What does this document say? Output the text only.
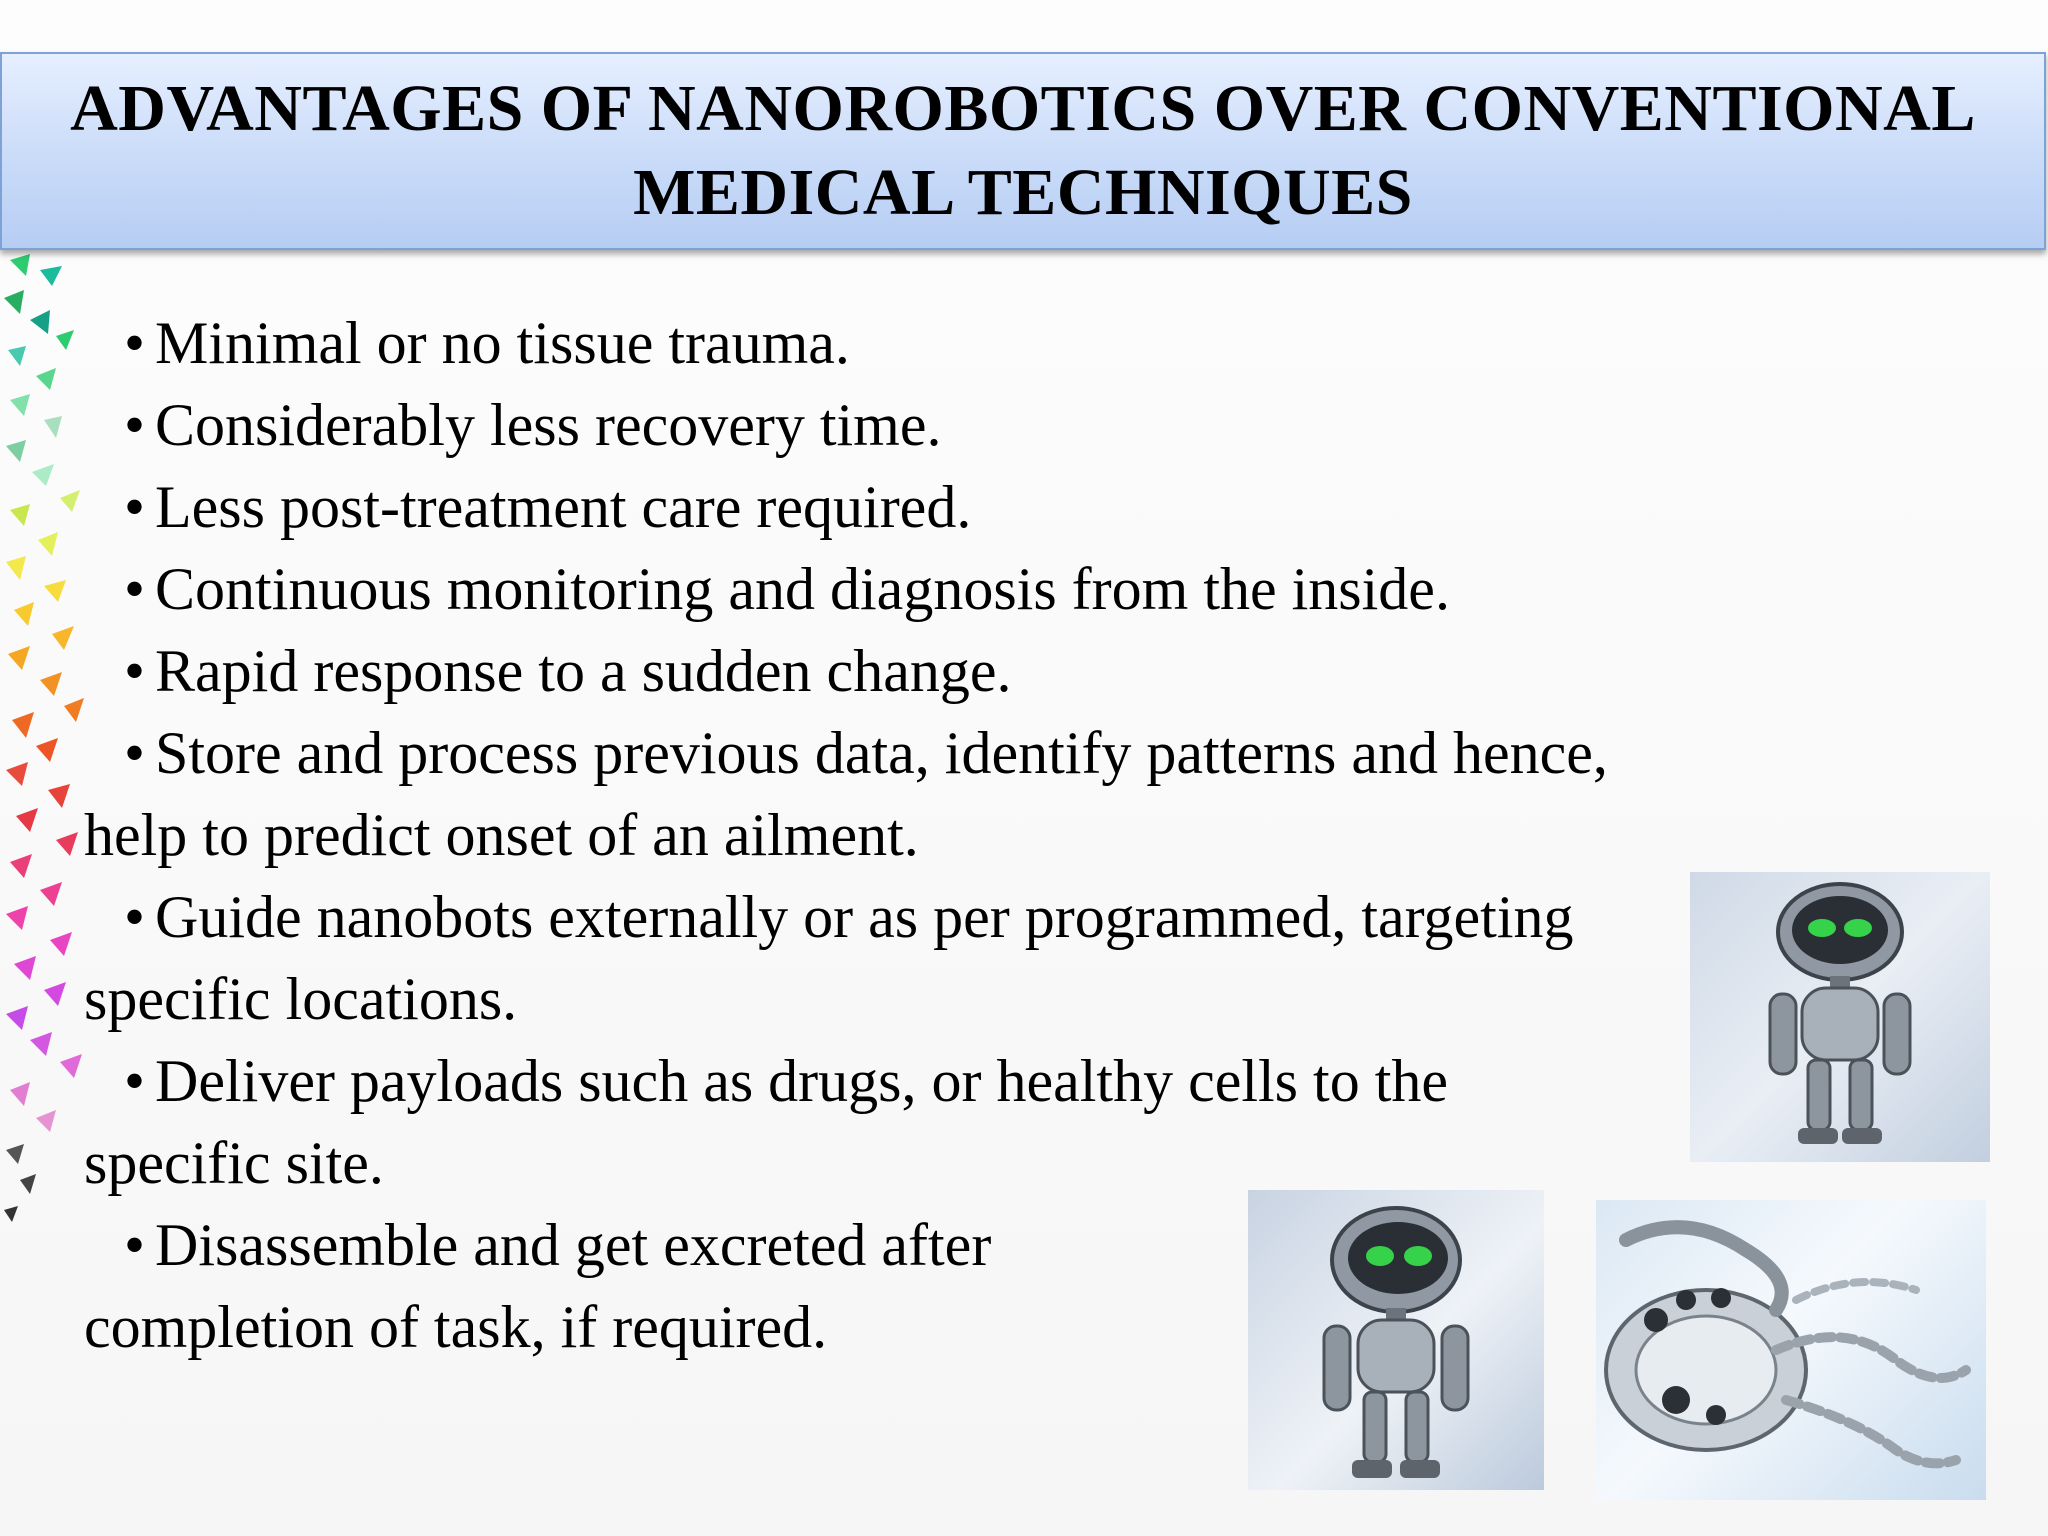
ADVANTAGES OF NANOROBOTICS OVER CONVENTIONAL
MEDICAL TECHNIQUES
• Minimal or no tissue trauma.
• Considerably less recovery time.
• Less post-treatment care required.
• Continuous monitoring and diagnosis from the inside.
• Rapid response to a sudden change.
• Store and process previous data, identify patterns and hence,
help to predict onset of an ailment.
• Guide nanobots externally or as per programmed, targeting
specific locations.
• Deliver payloads such as drugs, or healthy cells to the
specific site.
• Disassemble and get excreted after
completion of task, if required.
